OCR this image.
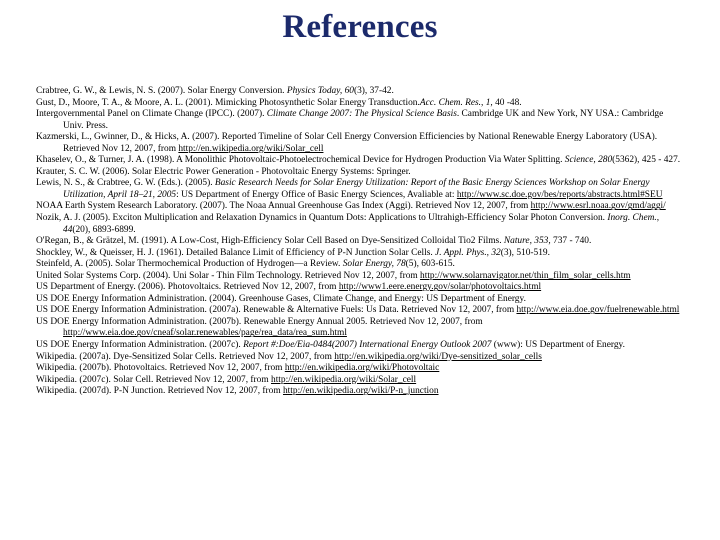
References
Crabtree, G. W., & Lewis, N. S. (2007). Solar Energy Conversion. Physics Today, 60(3), 37-42.
Gust, D., Moore, T. A., & Moore, A. L. (2001). Mimicking Photosynthetic Solar Energy Transduction.Acc. Chem. Res., 1, 40 -48.
Intergovernmental Panel on Climate Change (IPCC). (2007). Climate Change 2007: The Physical Science Basis. Cambridge UK and New York, NY USA.: Cambridge Univ. Press.
Kazmerski, L., Gwinner, D., & Hicks, A. (2007). Reported Timeline of Solar Cell Energy Conversion Efficiencies by National Renewable Energy Laboratory (USA). Retrieved Nov 12, 2007, from http://en.wikipedia.org/wiki/Solar_cell
Khaselev, O., & Turner, J. A. (1998). A Monolithic Photovoltaic-Photoelectrochemical Device for Hydrogen Production Via Water Splitting. Science, 280(5362), 425 - 427.
Krauter, S. C. W. (2006). Solar Electric Power Generation - Photovoltaic Energy Systems: Springer.
Lewis, N. S., & Crabtree, G. W. (Eds.). (2005). Basic Research Needs for Solar Energy Utilization: Report of the Basic Energy Sciences Workshop on Solar Energy Utilization, April 18–21, 2005: US Department of Energy Office of Basic Energy Sciences, Avaliable at: http://www.sc.doe.gov/bes/reports/abstracts.html#SEU
NOAA Earth System Research Laboratory. (2007). The Noaa Annual Greenhouse Gas Index (Aggi). Retrieved Nov 12, 2007, from http://www.esrl.noaa.gov/gmd/aggi/
Nozik, A. J. (2005). Exciton Multiplication and Relaxation Dynamics in Quantum Dots: Applications to Ultrahigh-Efficiency Solar Photon Conversion. Inorg. Chem., 44(20), 6893-6899.
O'Regan, B., & Grätzel, M. (1991). A Low-Cost, High-Efficiency Solar Cell Based on Dye-Sensitized Colloidal Tio2 Films. Nature, 353, 737 - 740.
Shockley, W., & Queisser, H. J. (1961). Detailed Balance Limit of Efficiency of P-N Junction Solar Cells. J. Appl. Phys., 32(3), 510-519.
Steinfeld, A. (2005). Solar Thermochemical Production of Hydrogen––a Review. Solar Energy, 78(5), 603-615.
United Solar Systems Corp. (2004). Uni Solar - Thin Film Technology. Retrieved Nov 12, 2007, from http://www.solarnavigator.net/thin_film_solar_cells.htm
US Department of Energy. (2006). Photovoltaics. Retrieved Nov 12, 2007, from http://www1.eere.energy.gov/solar/photovoltaics.html
US DOE Energy Information Administration. (2004). Greenhouse Gases, Climate Change, and Energy: US Department of Energy.
US DOE Energy Information Administration. (2007a). Renewable & Alternative Fuels: Us Data. Retrieved Nov 12, 2007, from http://www.eia.doe.gov/fuelrenewable.html
US DOE Energy Information Administration. (2007b). Renewable Energy Annual 2005. Retrieved Nov 12, 2007, from http://www.eia.doe.gov/cneaf/solar.renewables/page/rea_data/rea_sum.html
US DOE Energy Information Administration. (2007c). Report #:Doe/Eia-0484(2007) International Energy Outlook 2007 (www): US Department of Energy.
Wikipedia. (2007a). Dye-Sensitized Solar Cells. Retrieved Nov 12, 2007, from http://en.wikipedia.org/wiki/Dye-sensitized_solar_cells
Wikipedia. (2007b). Photovoltaics. Retrieved Nov 12, 2007, from http://en.wikipedia.org/wiki/Photovoltaic
Wikipedia. (2007c). Solar Cell. Retrieved Nov 12, 2007, from http://en.wikipedia.org/wiki/Solar_cell
Wikipedia. (2007d). P-N Junction. Retrieved Nov 12, 2007, from http://en.wikipedia.org/wiki/P-n_junction
